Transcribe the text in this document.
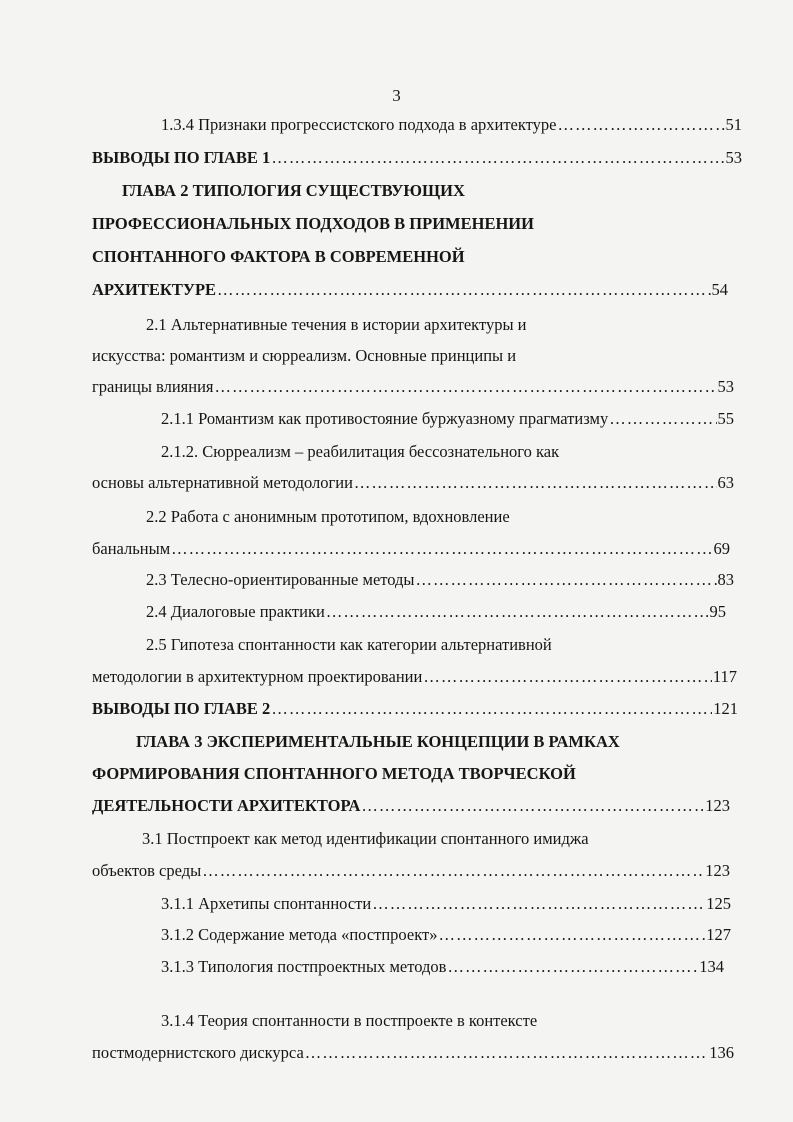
3
1.3.4 Признаки прогрессистского подхода в архитектуре ……………………………………………………………………………………………………………………………………………………………………	51
ВЫВОДЫ ПО ГЛАВЕ 1 ……………………………………………………………………………………………………………………………………………………………………	53
ГЛАВА 2 ТИПОЛОГИЯ СУЩЕСТВУЮЩИХ
ПРОФЕССИОНАЛЬНЫХ ПОДХОДОВ В ПРИМЕНЕНИИ
СПОНТАННОГО ФАКТОРА В СОВРЕМЕННОЙ
АРХИТЕКТУРЕ ……………………………………………………………………………………………………………………………………………………………………	54
2.1 Альтернативные течения в истории архитектуры и
искусства: романтизм и сюрреализм. Основные принципы и
границы влияния ……………………………………………………………………………………………………………………………………………………………………	53
2.1.1 Романтизм как противостояние буржуазному прагматизму ……………………………………………………………………………………………………………………………………………………………………	55
2.1.2. Сюрреализм – реабилитация бессознательного как
основы альтернативной методологии ……………………………………………………………………………………………………………………………………………………………………	63
2.2 Работа с анонимным прототипом, вдохновление
банальным ……………………………………………………………………………………………………………………………………………………………………	69
2.3 Телесно-ориентированные методы ……………………………………………………………………………………………………………………………………………………………………	83
2.4 Диалоговые практики ……………………………………………………………………………………………………………………………………………………………………	95
2.5 Гипотеза спонтанности как категории альтернативной
методологии в архитектурном проектировании ……………………………………………………………………………………………………………………………………………………………………	117
ВЫВОДЫ ПО ГЛАВЕ 2 ……………………………………………………………………………………………………………………………………………………………………	121
ГЛАВА 3 ЭКСПЕРИМЕНТАЛЬНЫЕ КОНЦЕПЦИИ В РАМКАХ
ФОРМИРОВАНИЯ СПОНТАННОГО МЕТОДА ТВОРЧЕСКОЙ
ДЕЯТЕЛЬНОСТИ АРХИТЕКТОРА ……………………………………………………………………………………………………………………………………………………………………	123
3.1 Постпроект как метод идентификации спонтанного имиджа
объектов среды ……………………………………………………………………………………………………………………………………………………………………	123
3.1.1 Архетипы спонтанности ……………………………………………………………………………………………………………………………………………………………………	125
3.1.2 Содержание метода «постпроект» ……………………………………………………………………………………………………………………………………………………………………	127
3.1.3 Типология постпроектных методов ……………………………………………………………………………………………………………………………………………………………………	134
3.1.4 Теория спонтанности в постпроекте в контексте
постмодернистского дискурса ……………………………………………………………………………………………………………………………………………………………………	136
